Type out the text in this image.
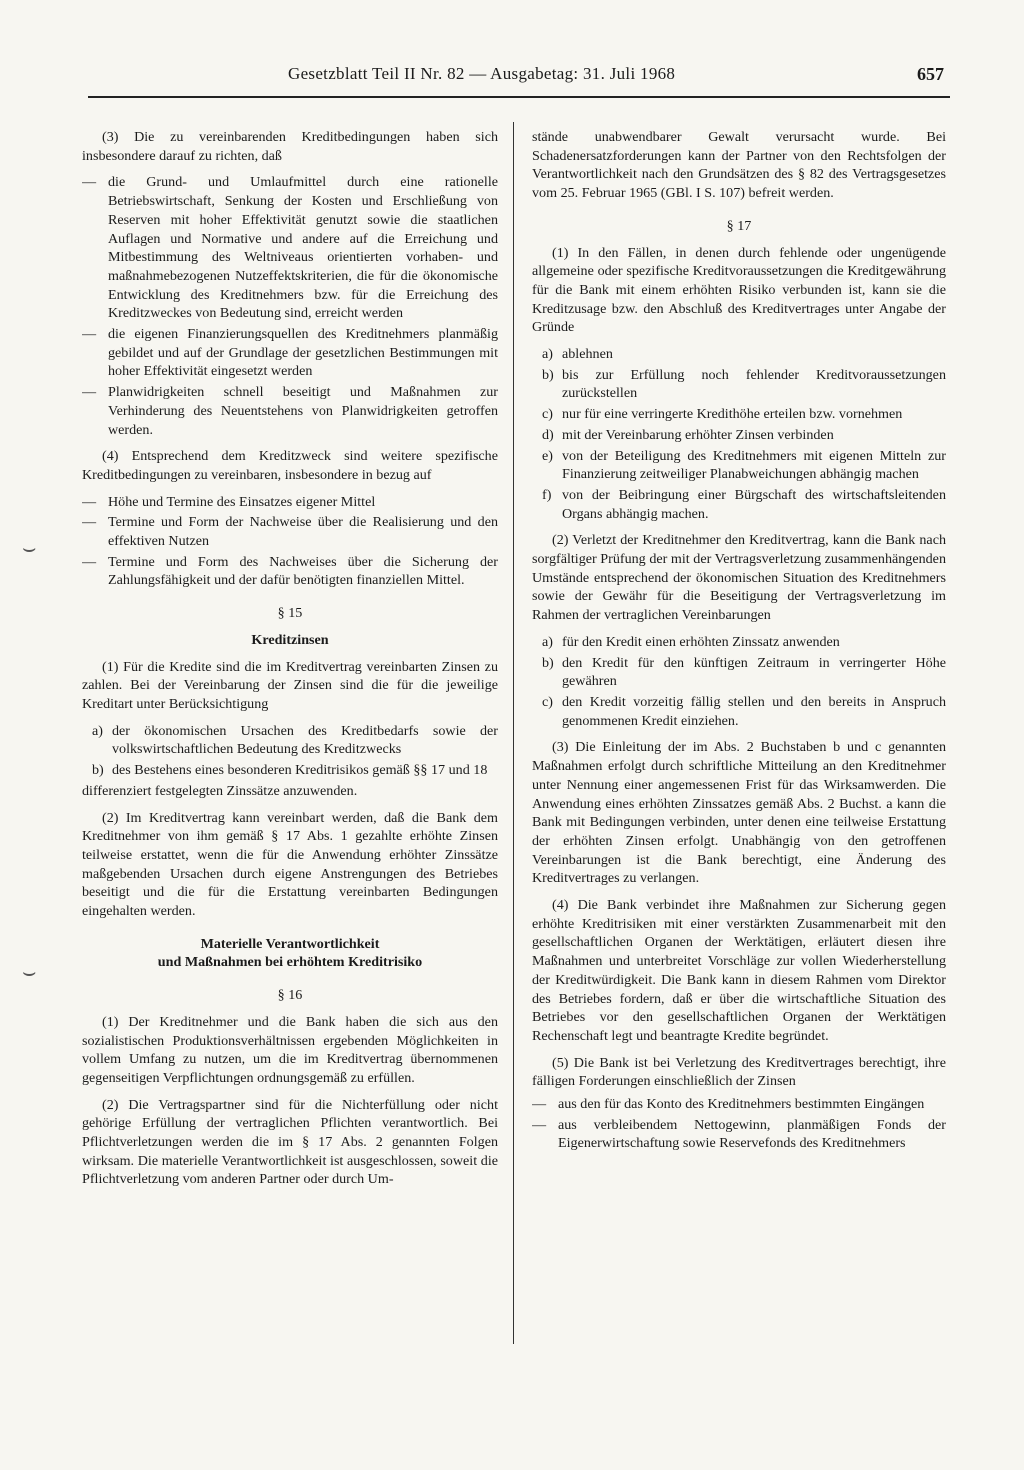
Gesetzblatt Teil II Nr. 82 — Ausgabetag: 31. Juli 1968	657
⌣
⌣

(3) Die zu vereinbarenden Kreditbedingungen haben sich insbesondere darauf zu richten, daß

— die Grund- und Umlaufmittel durch eine rationelle Betriebswirtschaft, Senkung der Kosten und Erschließung von Reserven mit hoher Effektivität genutzt sowie die staatlichen Auflagen und Normative und andere auf die Erreichung und Mitbestimmung des Weltniveaus orientierten vorhaben- und maßnahmebezogenen Nutzeffektskriterien, die für die ökonomische Entwicklung des Kreditnehmers bzw. für die Erreichung des Kreditzweckes von Bedeutung sind, erreicht werden
— die eigenen Finanzierungsquellen des Kreditnehmers planmäßig gebildet und auf der Grundlage der gesetzlichen Bestimmungen mit hoher Effektivität eingesetzt werden
— Planwidrigkeiten schnell beseitigt und Maßnahmen zur Verhinderung des Neuentstehens von Planwidrigkeiten getroffen werden.

(4) Entsprechend dem Kreditzweck sind weitere spezifische Kreditbedingungen zu vereinbaren, insbesondere in bezug auf

— Höhe und Termine des Einsatzes eigener Mittel
— Termine und Form der Nachweise über die Realisierung und den effektiven Nutzen
— Termine und Form des Nachweises über die Sicherung der Zahlungsfähigkeit und der dafür benötigten finanziellen Mittel.
§ 15
Kreditzinsen

(1) Für die Kredite sind die im Kreditvertrag vereinbarten Zinsen zu zahlen. Bei der Vereinbarung der Zinsen sind die für die jeweilige Kreditart unter Berücksichtigung

a) der ökonomischen Ursachen des Kreditbedarfs sowie der volkswirtschaftlichen Bedeutung des Kreditzwecks
b) des Bestehens eines besonderen Kreditrisikos gemäß §§ 17 und 18

differenziert festgelegten Zinssätze anzuwenden.

(2) Im Kreditvertrag kann vereinbart werden, daß die Bank dem Kreditnehmer von ihm gemäß § 17 Abs. 1 gezahlte erhöhte Zinsen teilweise erstattet, wenn die für die Anwendung erhöhter Zinssätze maßgebenden Ursachen durch eigene Anstrengungen des Betriebes beseitigt und die für die Erstattung vereinbarten Bedingungen eingehalten werden.

Materielle Verantwortlichkeit
und Maßnahmen bei erhöhtem Kreditrisiko
§ 16

(1) Der Kreditnehmer und die Bank haben die sich aus den sozialistischen Produktionsverhältnissen ergebenden Möglichkeiten in vollem Umfang zu nutzen, um die im Kreditvertrag übernommenen gegenseitigen Verpflichtungen ordnungsgemäß zu erfüllen.

(2) Die Vertragspartner sind für die Nichterfüllung oder nicht gehörige Erfüllung der vertraglichen Pflichten verantwortlich. Bei Pflichtverletzungen werden die im § 17 Abs. 2 genannten Folgen wirksam. Die materielle Verantwortlichkeit ist ausgeschlossen, soweit die Pflichtverletzung vom anderen Partner oder durch Um-

stände unabwendbarer Gewalt verursacht wurde. Bei Schadenersatzforderungen kann der Partner von den Rechtsfolgen der Verantwortlichkeit nach den Grundsätzen des § 82 des Vertragsgesetzes vom 25. Februar 1965 (GBl. I S. 107) befreit werden.

§ 17

(1) In den Fällen, in denen durch fehlende oder ungenügende allgemeine oder spezifische Kreditvoraussetzungen die Kreditgewährung für die Bank mit einem erhöhten Risiko verbunden ist, kann sie die Kreditzusage bzw. den Abschluß des Kreditvertrages unter Angabe der Gründe

a) ablehnen
b) bis zur Erfüllung noch fehlender Kreditvoraussetzungen zurückstellen
c) nur für eine verringerte Kredithöhe erteilen bzw. vornehmen
d) mit der Vereinbarung erhöhter Zinsen verbinden
e) von der Beteiligung des Kreditnehmers mit eigenen Mitteln zur Finanzierung zeitweiliger Planabweichungen abhängig machen
f) von der Beibringung einer Bürgschaft des wirtschaftsleitenden Organs abhängig machen.

(2) Verletzt der Kreditnehmer den Kreditvertrag, kann die Bank nach sorgfältiger Prüfung der mit der Vertragsverletzung zusammenhängenden Umstände entsprechend der ökonomischen Situation des Kreditnehmers sowie der Gewähr für die Beseitigung der Vertragsverletzung im Rahmen der vertraglichen Vereinbarungen

a) für den Kredit einen erhöhten Zinssatz anwenden
b) den Kredit für den künftigen Zeitraum in verringerter Höhe gewähren
c) den Kredit vorzeitig fällig stellen und den bereits in Anspruch genommenen Kredit einziehen.

(3) Die Einleitung der im Abs. 2 Buchstaben b und c genannten Maßnahmen erfolgt durch schriftliche Mitteilung an den Kreditnehmer unter Nennung einer angemessenen Frist für das Wirksamwerden. Die Anwendung eines erhöhten Zinssatzes gemäß Abs. 2 Buchst. a kann die Bank mit Bedingungen verbinden, unter denen eine teilweise Erstattung der erhöhten Zinsen erfolgt. Unabhängig von den getroffenen Vereinbarungen ist die Bank berechtigt, eine Änderung des Kreditvertrages zu verlangen.

(4) Die Bank verbindet ihre Maßnahmen zur Sicherung gegen erhöhte Kreditrisiken mit einer verstärkten Zusammenarbeit mit den gesellschaftlichen Organen der Werktätigen, erläutert diesen ihre Maßnahmen und unterbreitet Vorschläge zur vollen Wiederherstellung der Kreditwürdigkeit. Die Bank kann in diesem Rahmen vom Direktor des Betriebes fordern, daß er über die wirtschaftliche Situation des Betriebes vor den gesellschaftlichen Organen der Werktätigen Rechenschaft legt und beantragte Kredite begründet.

(5) Die Bank ist bei Verletzung des Kreditvertrages berechtigt, ihre fälligen Forderungen einschließlich der Zinsen

— aus den für das Konto des Kreditnehmers bestimmten Eingängen
— aus verbleibendem Nettogewinn, planmäßigen Fonds der Eigenerwirtschaftung sowie Reservefonds des Kreditnehmers
